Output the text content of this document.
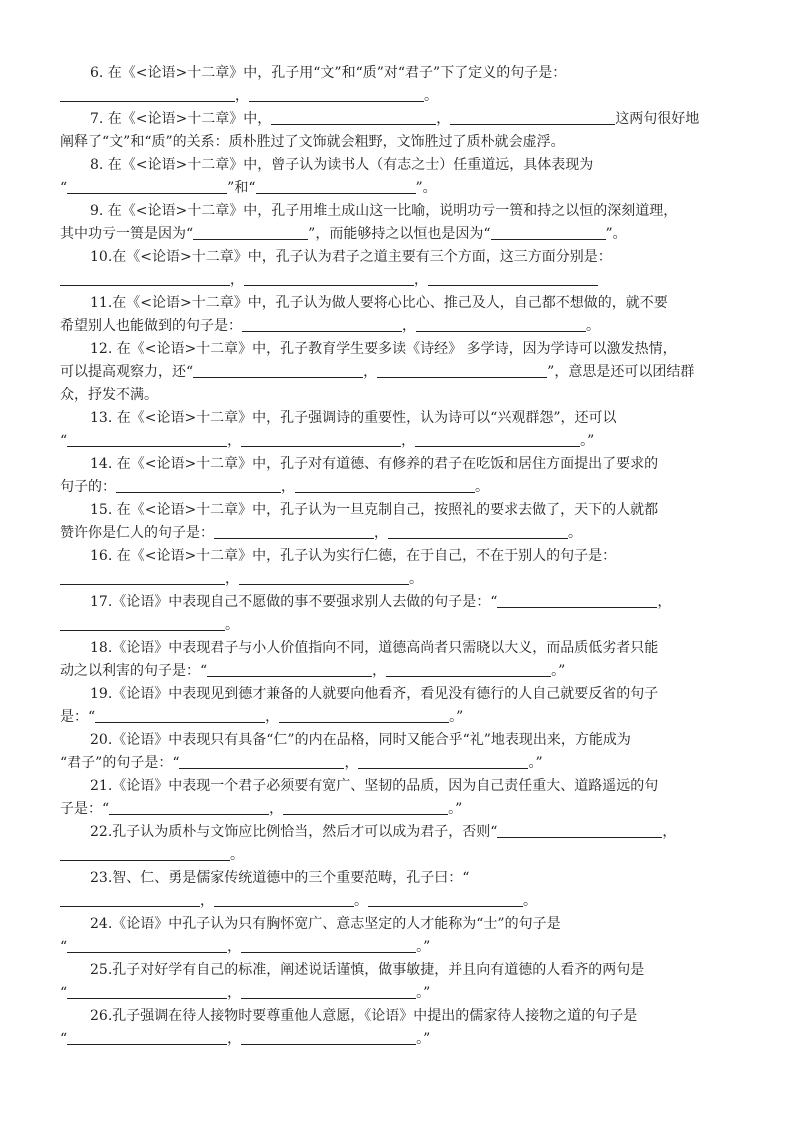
6. 在《<论语>十二章》中，孔子用“文”和“质”对“君子”下了定义的句子是：

，	。

7. 在《<论语>十二章》中，	，	这两句很好地

阐释了“文”和“质”的关系：质朴胜过了文饰就会粗野，文饰胜过了质朴就会虚浮。

8. 在《<论语>十二章》中，曾子认为读书人（有志之士）任重道远，具体表现为

“	”和“	”。

9. 在《<论语>十二章》中，孔子用堆土成山这一比喻，说明功亏一篑和持之以恒的深刻道理，

其中功亏一篑是因为“	”，而能够持之以恒也是因为“	”。

10.在《<论语>十二章》中，孔子认为君子之道主要有三个方面，这三方面分别是：

，	，

11.在《<论语>十二章》中，孔子认为做人要将心比心、推己及人，自己都不想做的，就不要

希望别人也能做到的句子是：	，	。

12. 在《<论语>十二章》中，孔子教育学生要多读《诗经》 多学诗，因为学诗可以激发热情，

可以提高观察力，还“	，	”，意思是还可以团结群

众，抒发不满。

13. 在《<论语>十二章》中，孔子强调诗的重要性，认为诗可以“兴观群怨”，还可以

“	，	，	。”

14. 在《<论语>十二章》中，孔子对有道德、有修养的君子在吃饭和居住方面提出了要求的

句子的：	，	。

15. 在《<论语>十二章》中，孔子认为一旦克制自己，按照礼的要求去做了，天下的人就都

赞许你是仁人的句子是：	，	。

16. 在《<论语>十二章》中，孔子认为实行仁德，在于自己，不在于别人的句子是：

，	。

17.《论语》中表现自己不愿做的事不要强求别人去做的句子是：“	，

。

18.《论语》中表现君子与小人价值指向不同，道德高尚者只需晓以大义，而品质低劣者只能

动之以利害的句子是：“	，	。”

19.《论语》中表现见到德才兼备的人就要向他看齐，看见没有德行的人自己就要反省的句子

是：“	，	。”

20.《论语》中表现只有具备“仁”的内在品格，同时又能合乎“礼”地表现出来，方能成为

“君子”的句子是：“	，	。”

21.《论语》中表现一个君子必须要有宽广、坚韧的品质，因为自己责任重大、道路遥远的句

子是：“	，	。”

22.孔子认为质朴与文饰应比例恰当，然后才可以成为君子，否则“	，

。

23.智、仁、勇是儒家传统道德中的三个重要范畴，孔子曰：“

，	。	。

24.《论语》中孔子认为只有胸怀宽广、意志坚定的人才能称为“士”的句子是

“	，	。”

25.孔子对好学有自己的标准，阐述说话谨慎，做事敏捷，并且向有道德的人看齐的两句是

“	，	。”

26.孔子强调在待人接物时要尊重他人意愿，《论语》中提出的儒家待人接物之道的句子是

“	，	。”
